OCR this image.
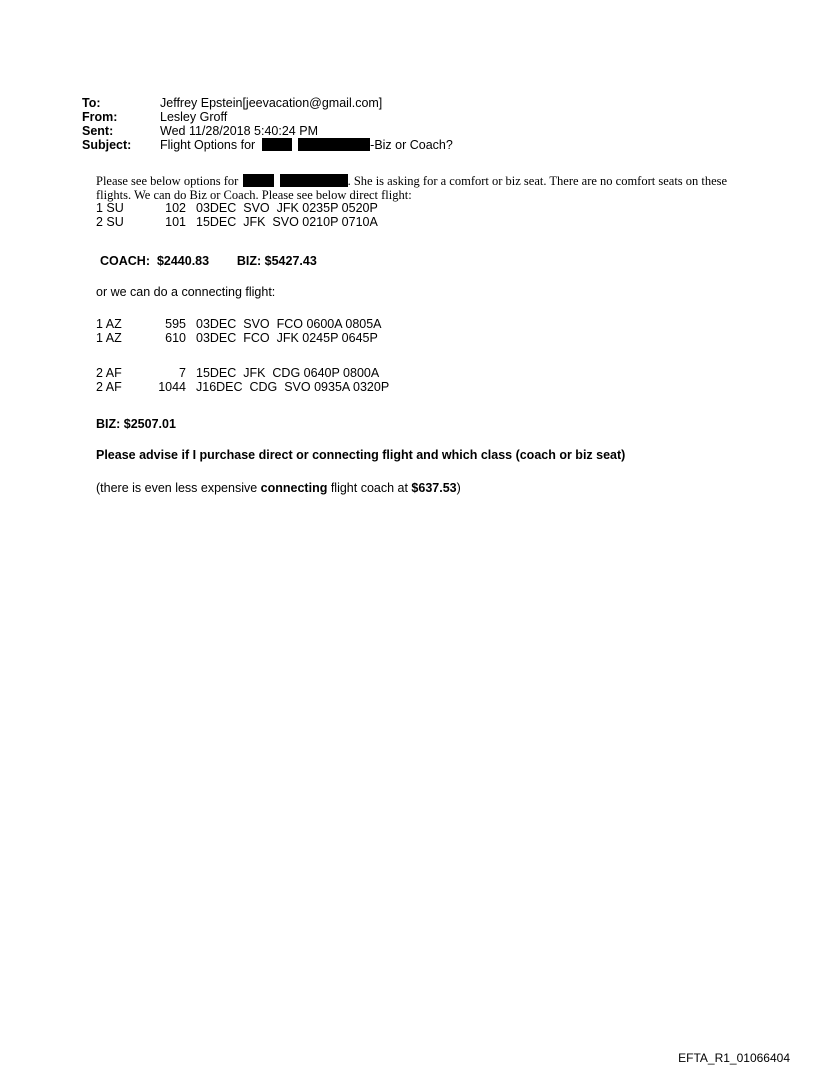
To:	Jeffrey Epstein[jeevacation@gmail.com]
From:	Lesley Groff
Sent:	Wed 11/28/2018 5:40:24 PM
Subject:	Flight Options for	-Biz or Coach?
Please see below options for	. She is asking for a comfort or biz seat. There are no comfort seats on these flights. We can do Biz or Coach. Please see below direct flight:
1 SU	102 03DEC  SVO  JFK 0235P 0520P
2 SU	101 15DEC  JFK  SVO 0210P 0710A
COACH:  $2440.83        BIZ: $5427.43
or we can do a connecting flight:
1 AZ	595 03DEC  SVO  FCO 0600A 0805A
1 AZ	610 03DEC  FCO  JFK 0245P 0645P
2 AF	7 15DEC  JFK  CDG 0640P 0800A
2 AF	1044 J16DEC  CDG  SVO 0935A 0320P
BIZ: $2507.01
Please advise if I purchase direct or connecting flight and which class (coach or biz seat)
(there is even less expensive connecting flight coach at $637.53)
EFTA_R1_01066404
